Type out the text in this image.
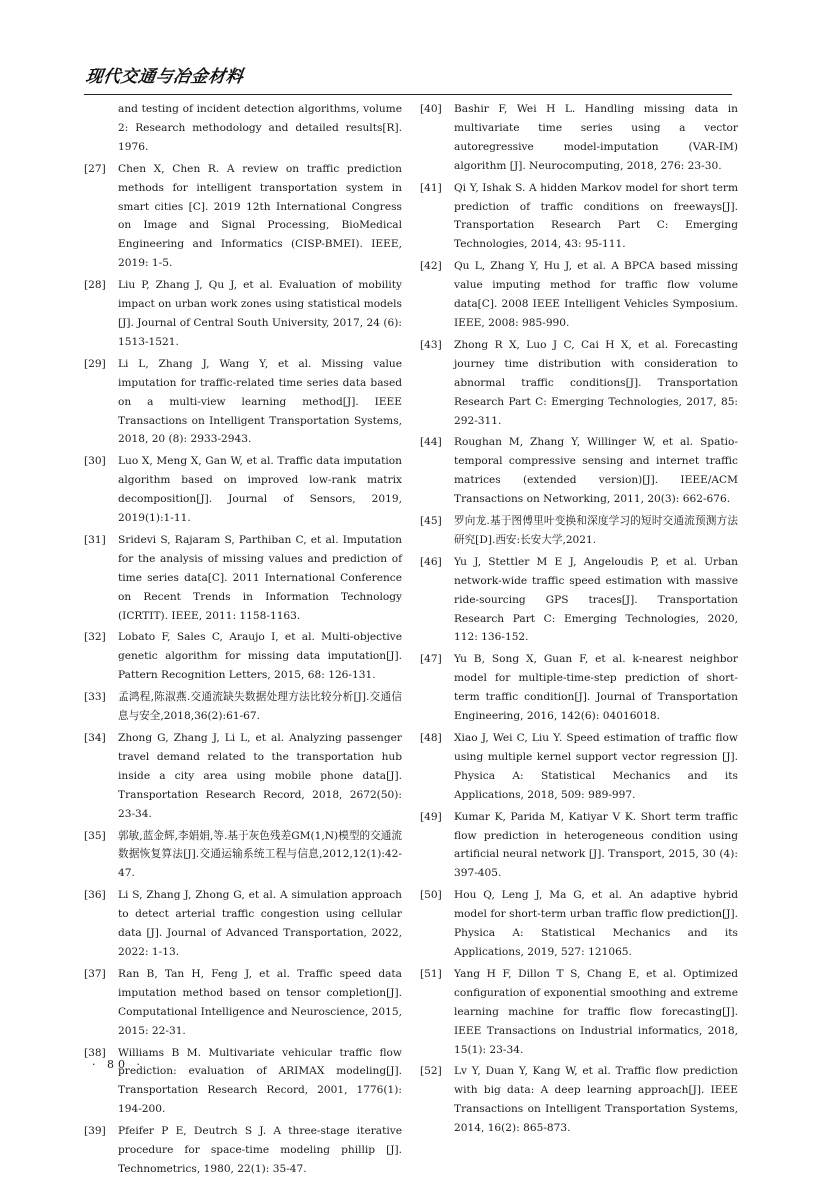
现代交通与冶金材料
and testing of incident detection algorithms, volume 2: Research methodology and detailed results[R]. 1976.
[27] Chen X, Chen R. A review on traffic prediction methods for intelligent transportation system in smart cities [C]. 2019 12th International Congress on Image and Signal Processing, BioMedical Engineering and Informatics (CISP-BMEI). IEEE, 2019: 1-5.
[28] Liu P, Zhang J, Qu J, et al. Evaluation of mobility impact on urban work zones using statistical models [J]. Journal of Central South University, 2017, 24 (6): 1513-1521.
[29] Li L, Zhang J, Wang Y, et al. Missing value imputation for traffic-related time series data based on a multi-view learning method[J]. IEEE Transactions on Intelligent Transportation Systems, 2018, 20 (8): 2933-2943.
[30] Luo X, Meng X, Gan W, et al. Traffic data imputation algorithm based on improved low-rank matrix decomposition[J]. Journal of Sensors, 2019, 2019(1):1-11.
[31] Sridevi S, Rajaram S, Parthiban C, et al. Imputation for the analysis of missing values and prediction of time series data[C]. 2011 International Conference on Recent Trends in Information Technology (ICRTIT). IEEE, 2011: 1158-1163.
[32] Lobato F, Sales C, Araujo I, et al. Multi-objective genetic algorithm for missing data imputation[J]. Pattern Recognition Letters, 2015, 68: 126-131.
[33] 孟鸿程,陈淑燕.交通流缺失数据处理方法比较分析[J].交通信息与安全,2018,36(2):61-67.
[34] Zhong G, Zhang J, Li L, et al. Analyzing passenger travel demand related to the transportation hub inside a city area using mobile phone data[J]. Transportation Research Record, 2018, 2672(50): 23-34.
[35] 郭敏,蓝金辉,李娟娟,等.基于灰色残差GM(1,N)模型的交通流数据恢复算法[J].交通运输系统工程与信息,2012,12(1):42-47.
[36] Li S, Zhang J, Zhong G, et al. A simulation approach to detect arterial traffic congestion using cellular data [J]. Journal of Advanced Transportation, 2022, 2022: 1-13.
[37] Ran B, Tan H, Feng J, et al. Traffic speed data imputation method based on tensor completion[J]. Computational Intelligence and Neuroscience, 2015, 2015: 22-31.
[38] Williams B M. Multivariate vehicular traffic flow prediction: evaluation of ARIMAX modeling[J]. Transportation Research Record, 2001, 1776(1): 194-200.
[39] Pfeifer P E, Deutrch S J. A three-stage iterative procedure for space-time modeling phillip [J]. Technometrics, 1980, 22(1): 35-47.
[40] Bashir F, Wei H L. Handling missing data in multivariate time series using a vector autoregressive model-imputation (VAR-IM) algorithm [J]. Neurocomputing, 2018, 276: 23-30.
[41] Qi Y, Ishak S. A hidden Markov model for short term prediction of traffic conditions on freeways[J]. Transportation Research Part C: Emerging Technologies, 2014, 43: 95-111.
[42] Qu L, Zhang Y, Hu J, et al. A BPCA based missing value imputing method for traffic flow volume data[C]. 2008 IEEE Intelligent Vehicles Symposium. IEEE, 2008: 985-990.
[43] Zhong R X, Luo J C, Cai H X, et al. Forecasting journey time distribution with consideration to abnormal traffic conditions[J]. Transportation Research Part C: Emerging Technologies, 2017, 85: 292-311.
[44] Roughan M, Zhang Y, Willinger W, et al. Spatio-temporal compressive sensing and internet traffic matrices (extended version)[J]. IEEE/ACM Transactions on Networking, 2011, 20(3): 662-676.
[45] 罗向龙.基于图傅里叶变换和深度学习的短时交通流预测方法研究[D].西安:长安大学,2021.
[46] Yu J, Stettler M E J, Angeloudis P, et al. Urban network-wide traffic speed estimation with massive ride-sourcing GPS traces[J]. Transportation Research Part C: Emerging Technologies, 2020, 112: 136-152.
[47] Yu B, Song X, Guan F, et al. k-nearest neighbor model for multiple-time-step prediction of short-term traffic condition[J]. Journal of Transportation Engineering, 2016, 142(6): 04016018.
[48] Xiao J, Wei C, Liu Y. Speed estimation of traffic flow using multiple kernel support vector regression [J]. Physica A: Statistical Mechanics and its Applications, 2018, 509: 989-997.
[49] Kumar K, Parida M, Katiyar V K. Short term traffic flow prediction in heterogeneous condition using artificial neural network [J]. Transport, 2015, 30 (4): 397-405.
[50] Hou Q, Leng J, Ma G, et al. An adaptive hybrid model for short-term urban traffic flow prediction[J]. Physica A: Statistical Mechanics and its Applications, 2019, 527: 121065.
[51] Yang H F, Dillon T S, Chang E, et al. Optimized configuration of exponential smoothing and extreme learning machine for traffic flow forecasting[J]. IEEE Transactions on Industrial informatics, 2018, 15(1): 23-34.
[52] Lv Y, Duan Y, Kang W, et al. Traffic flow prediction with big data: A deep learning approach[J]. IEEE Transactions on Intelligent Transportation Systems, 2014, 16(2): 865-873.
· 80 ·
